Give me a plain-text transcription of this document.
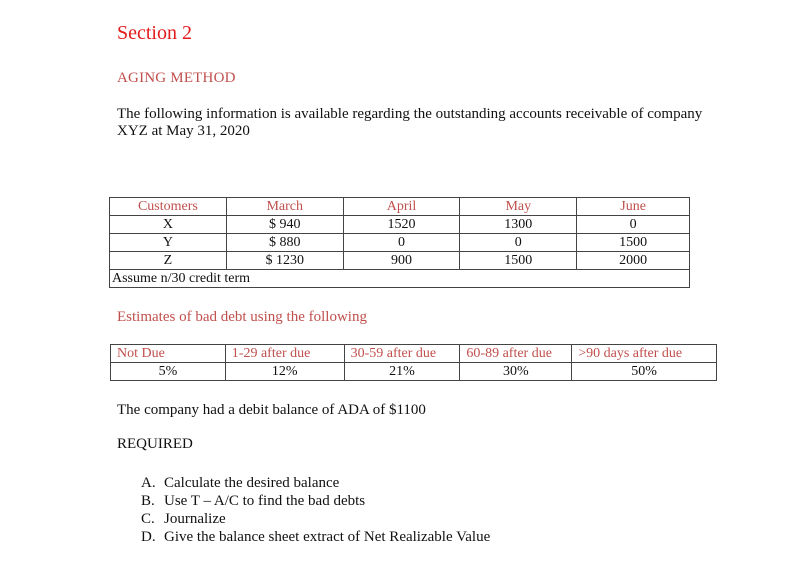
Section 2
AGING METHOD
The following information is available regarding the outstanding accounts receivable of company XYZ at May 31, 2020
Customers	March	April	May	June
X	$ 940	1520	1300	0
Y	$ 880	0	0	1500
Z	$ 1230	900	1500	2000
Assume n/30 credit term				
Estimates of bad debt using the following
Not Due	1-29 after due	30-59 after due	60-89 after due	>90 days after due
5%	12%	21%	30%	50%
The company had a debit balance of ADA of $1100
REQUIRED
A. Calculate the desired balance
B. Use T – A/C to find the bad debts
C. Journalize
D. Give the balance sheet extract of Net Realizable Value
